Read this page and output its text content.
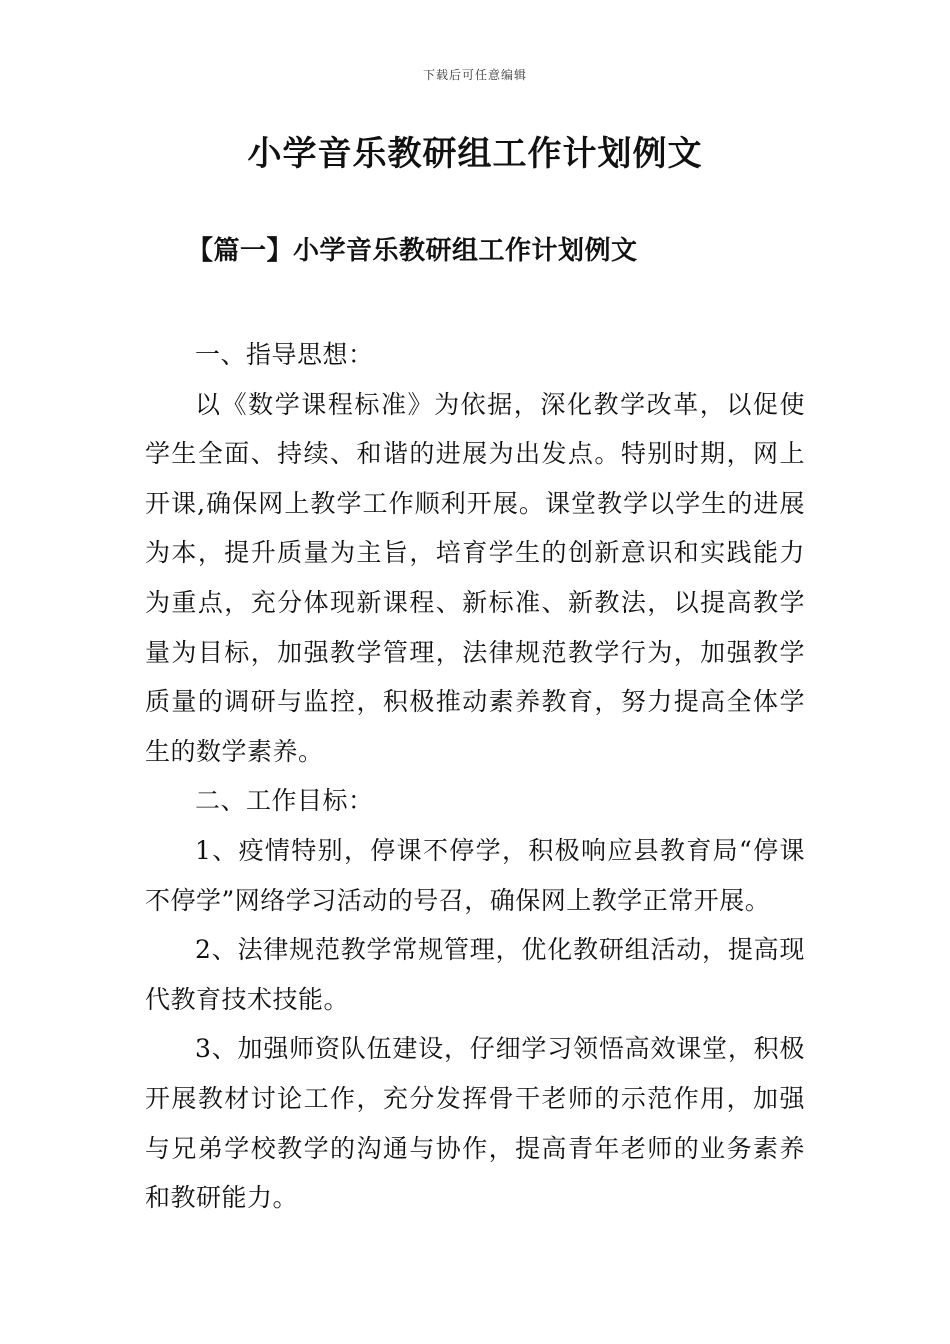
下载后可任意编辑
小学音乐教研组工作计划例文
【篇一】小学音乐教研组工作计划例文

一、指导思想：

以《数学课程标准》为依据，深化教学改革，以促使学生全面、持续、和谐的进展为出发点。特别时期，网上开课,确保网上教学工作顺利开展。课堂教学以学生的进展为本，提升质量为主旨，培育学生的创新意识和实践能力为重点，充分体现新课程、新标准、新教法，以提高教学量为目标，加强教学管理，法律规范教学行为，加强教学质量的调研与监控，积极推动素养教育，努力提高全体学生的数学素养。

二、工作目标：

1、疫情特别，停课不停学，积极响应县教育局“停课不停学”网络学习活动的号召，确保网上教学正常开展。

2、法律规范教学常规管理，优化教研组活动，提高现代教育技术技能。

3、加强师资队伍建设，仔细学习领悟高效课堂，积极开展教材讨论工作，充分发挥骨干老师的示范作用，加强与兄弟学校教学的沟通与协作，提高青年老师的业务素养和教研能力。
